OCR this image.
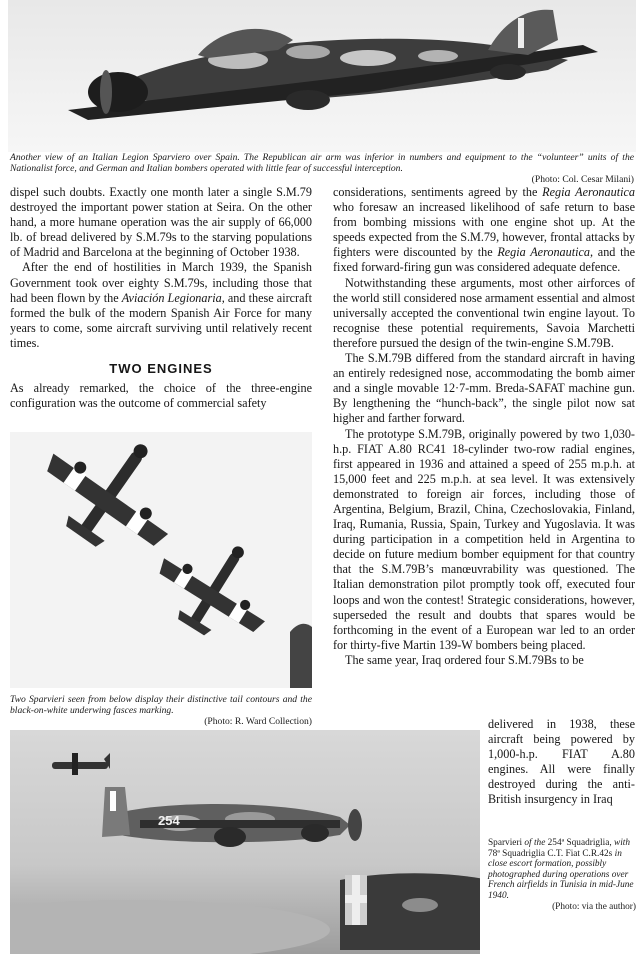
Another view of an Italian Legion Sparviero over Spain. The Republican air arm was inferior in numbers and equipment to the “volunteer” units of the Nationalist force, and German and Italian bombers operated with little fear of successful interception.
(Photo: Col. Cesar Milani)

dispel such doubts. Exactly one month later a single S.M.79 destroyed the important power station at Seira. On the other hand, a more humane operation was the air supply of 66,000 lb. of bread delivered by S.M.79s to the starving populations of Madrid and Barcelona at the beginning of October 1938.

After the end of hostilities in March 1939, the Spanish Government took over eighty S.M.79s, including those that had been flown by the Aviación Legionaria, and these aircraft formed the bulk of the modern Spanish Air Force for many years to come, some aircraft surviving until relatively recent times.

TWO ENGINES

As already remarked, the choice of the three-engine configuration was the outcome of commercial safety

Two Sparvieri seen from below display their distinctive tail contours and the black-on-white underwing fasces marking.
(Photo: R. Ward Collection)

considerations, sentiments agreed by the Regia Aeronautica who foresaw an increased likelihood of safe return to base from bombing missions with one engine shot up. At the speeds expected from the S.M.79, however, frontal attacks by fighters were discounted by the Regia Aeronautica, and the fixed forward-firing gun was considered adequate defence.

Notwithstanding these arguments, most other airforces of the world still considered nose armament essential and almost universally accepted the conventional twin engine layout. To recognise these potential requirements, Savoia Marchetti therefore pursued the design of the twin-engine S.M.79B.

The S.M.79B differed from the standard aircraft in having an entirely redesigned nose, accommodating the bomb aimer and a single movable 12·7-mm. Breda-SAFAT machine gun. By lengthening the “hunch-back”, the single pilot now sat higher and farther forward.

The prototype S.M.79B, originally powered by two 1,030-h.p. FIAT A.80 RC41 18-cylinder two-row radial engines, first appeared in 1936 and attained a speed of 255 m.p.h. at 15,000 feet and 225 m.p.h. at sea level. It was extensively demonstrated to foreign air forces, including those of Argentina, Belgium, Brazil, China, Czechoslovakia, Finland, Iraq, Rumania, Russia, Spain, Turkey and Yugoslavia. It was during participation in a competition held in Argentina to decide on future medium bomber equipment for that country that the S.M.79B’s manœuvrability was questioned. The Italian demonstration pilot promptly took off, executed four loops and won the contest! Strategic considerations, however, superseded the result and doubts that spares would be forthcoming in the event of a European war led to an order for thirty-five Martin 139-W bombers being placed.

The same year, Iraq ordered four S.M.79Bs to be

delivered in 1938, these aircraft being powered by 1,000-h.p. FIAT A.80 engines. All were finally destroyed during the anti-British insurgency in Iraq

254
Sparvieri of the 254ª Squadriglia, with 78ª Squadriglia C.T. Fiat C.R.42s in close escort formation, possibly photographed during operations over French airfields in Tunisia in mid-June 1940.
(Photo: via the author)
